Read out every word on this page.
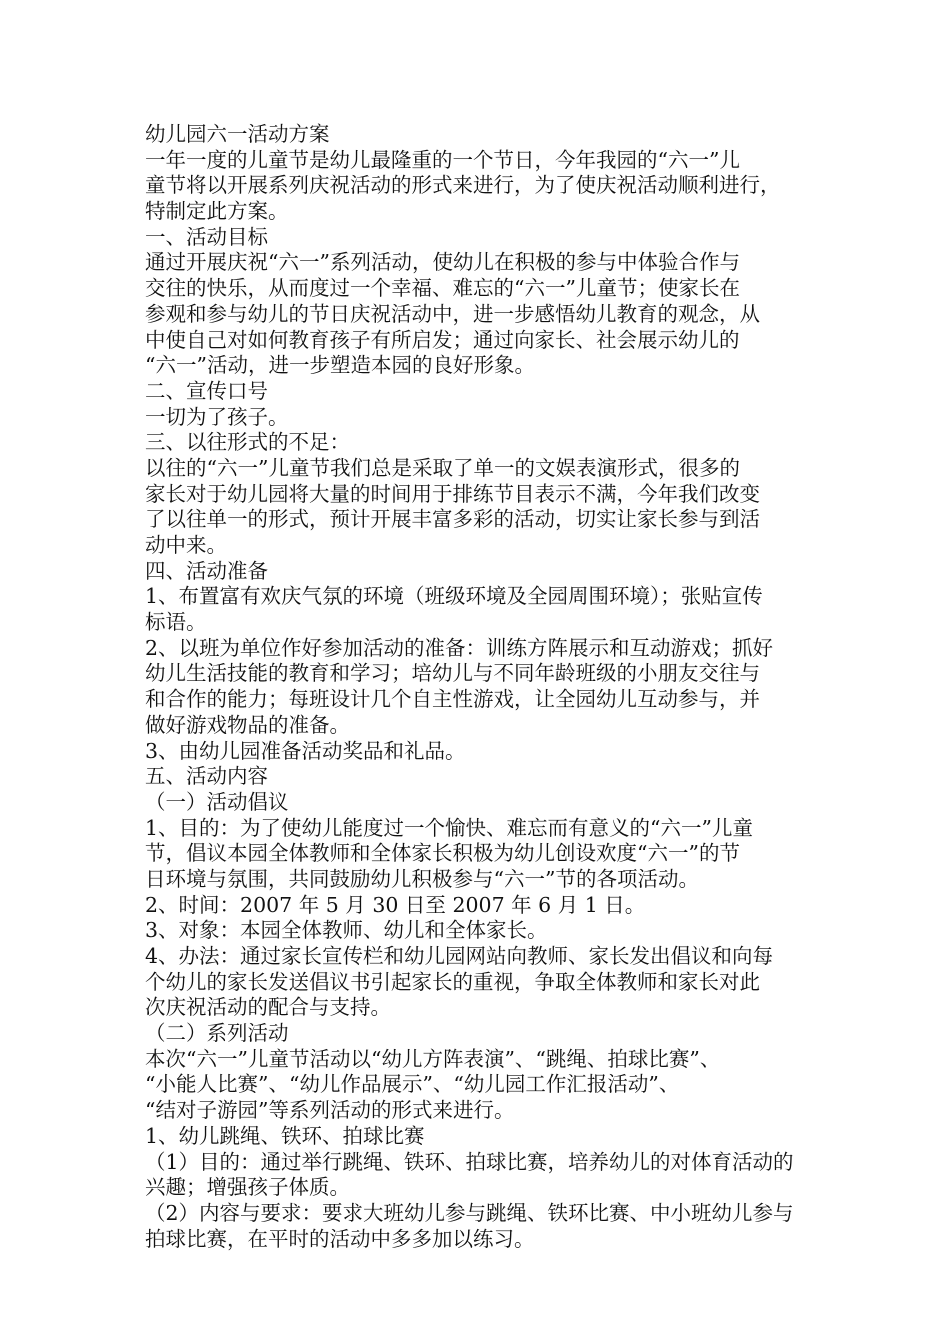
幼儿园六一活动方案
一年一度的儿童节是幼儿最隆重的一个节日，今年我园的“六一”儿
童节将以开展系列庆祝活动的形式来进行，为了使庆祝活动顺利进行，
特制定此方案。
一、活动目标
通过开展庆祝“六一”系列活动，使幼儿在积极的参与中体验合作与
交往的快乐，从而度过一个幸福、难忘的“六一”儿童节；使家长在
参观和参与幼儿的节日庆祝活动中，进一步感悟幼儿教育的观念，从
中使自己对如何教育孩子有所启发；通过向家长、社会展示幼儿的
“六一”活动，进一步塑造本园的良好形象。
二、宣传口号
一切为了孩子。
三、以往形式的不足：
以往的“六一”儿童节我们总是采取了单一的文娱表演形式，很多的
家长对于幼儿园将大量的时间用于排练节目表示不满，今年我们改变
了以往单一的形式，预计开展丰富多彩的活动，切实让家长参与到活
动中来。
四、活动准备
1、布置富有欢庆气氛的环境（班级环境及全园周围环境）；张贴宣传
标语。
2、以班为单位作好参加活动的准备：训练方阵展示和互动游戏；抓好
幼儿生活技能的教育和学习；培幼儿与不同年龄班级的小朋友交往与
和合作的能力；每班设计几个自主性游戏，让全园幼儿互动参与，并
做好游戏物品的准备。
3、由幼儿园准备活动奖品和礼品。
五、活动内容
（一）活动倡议
1、目的：为了使幼儿能度过一个愉快、难忘而有意义的“六一”儿童
节，倡议本园全体教师和全体家长积极为幼儿创设欢度“六一”的节
日环境与氛围，共同鼓励幼儿积极参与“六一”节的各项活动。
2、时间：2007 年 5 月 30 日至 2007 年 6 月 1 日。
3、对象：本园全体教师、幼儿和全体家长。
4、办法：通过家长宣传栏和幼儿园网站向教师、家长发出倡议和向每
个幼儿的家长发送倡议书引起家长的重视，争取全体教师和家长对此
次庆祝活动的配合与支持。
（二）系列活动
本次“六一”儿童节活动以“幼儿方阵表演”、“跳绳、拍球比赛”、
“小能人比赛”、“幼儿作品展示”、“幼儿园工作汇报活动”、
“结对子游园”等系列活动的形式来进行。
1、幼儿跳绳、铁环、拍球比赛
（1）目的：通过举行跳绳、铁环、拍球比赛，培养幼儿的对体育活动的
兴趣；增强孩子体质。
（2）内容与要求：要求大班幼儿参与跳绳、铁环比赛、中小班幼儿参与
拍球比赛，在平时的活动中多多加以练习。
